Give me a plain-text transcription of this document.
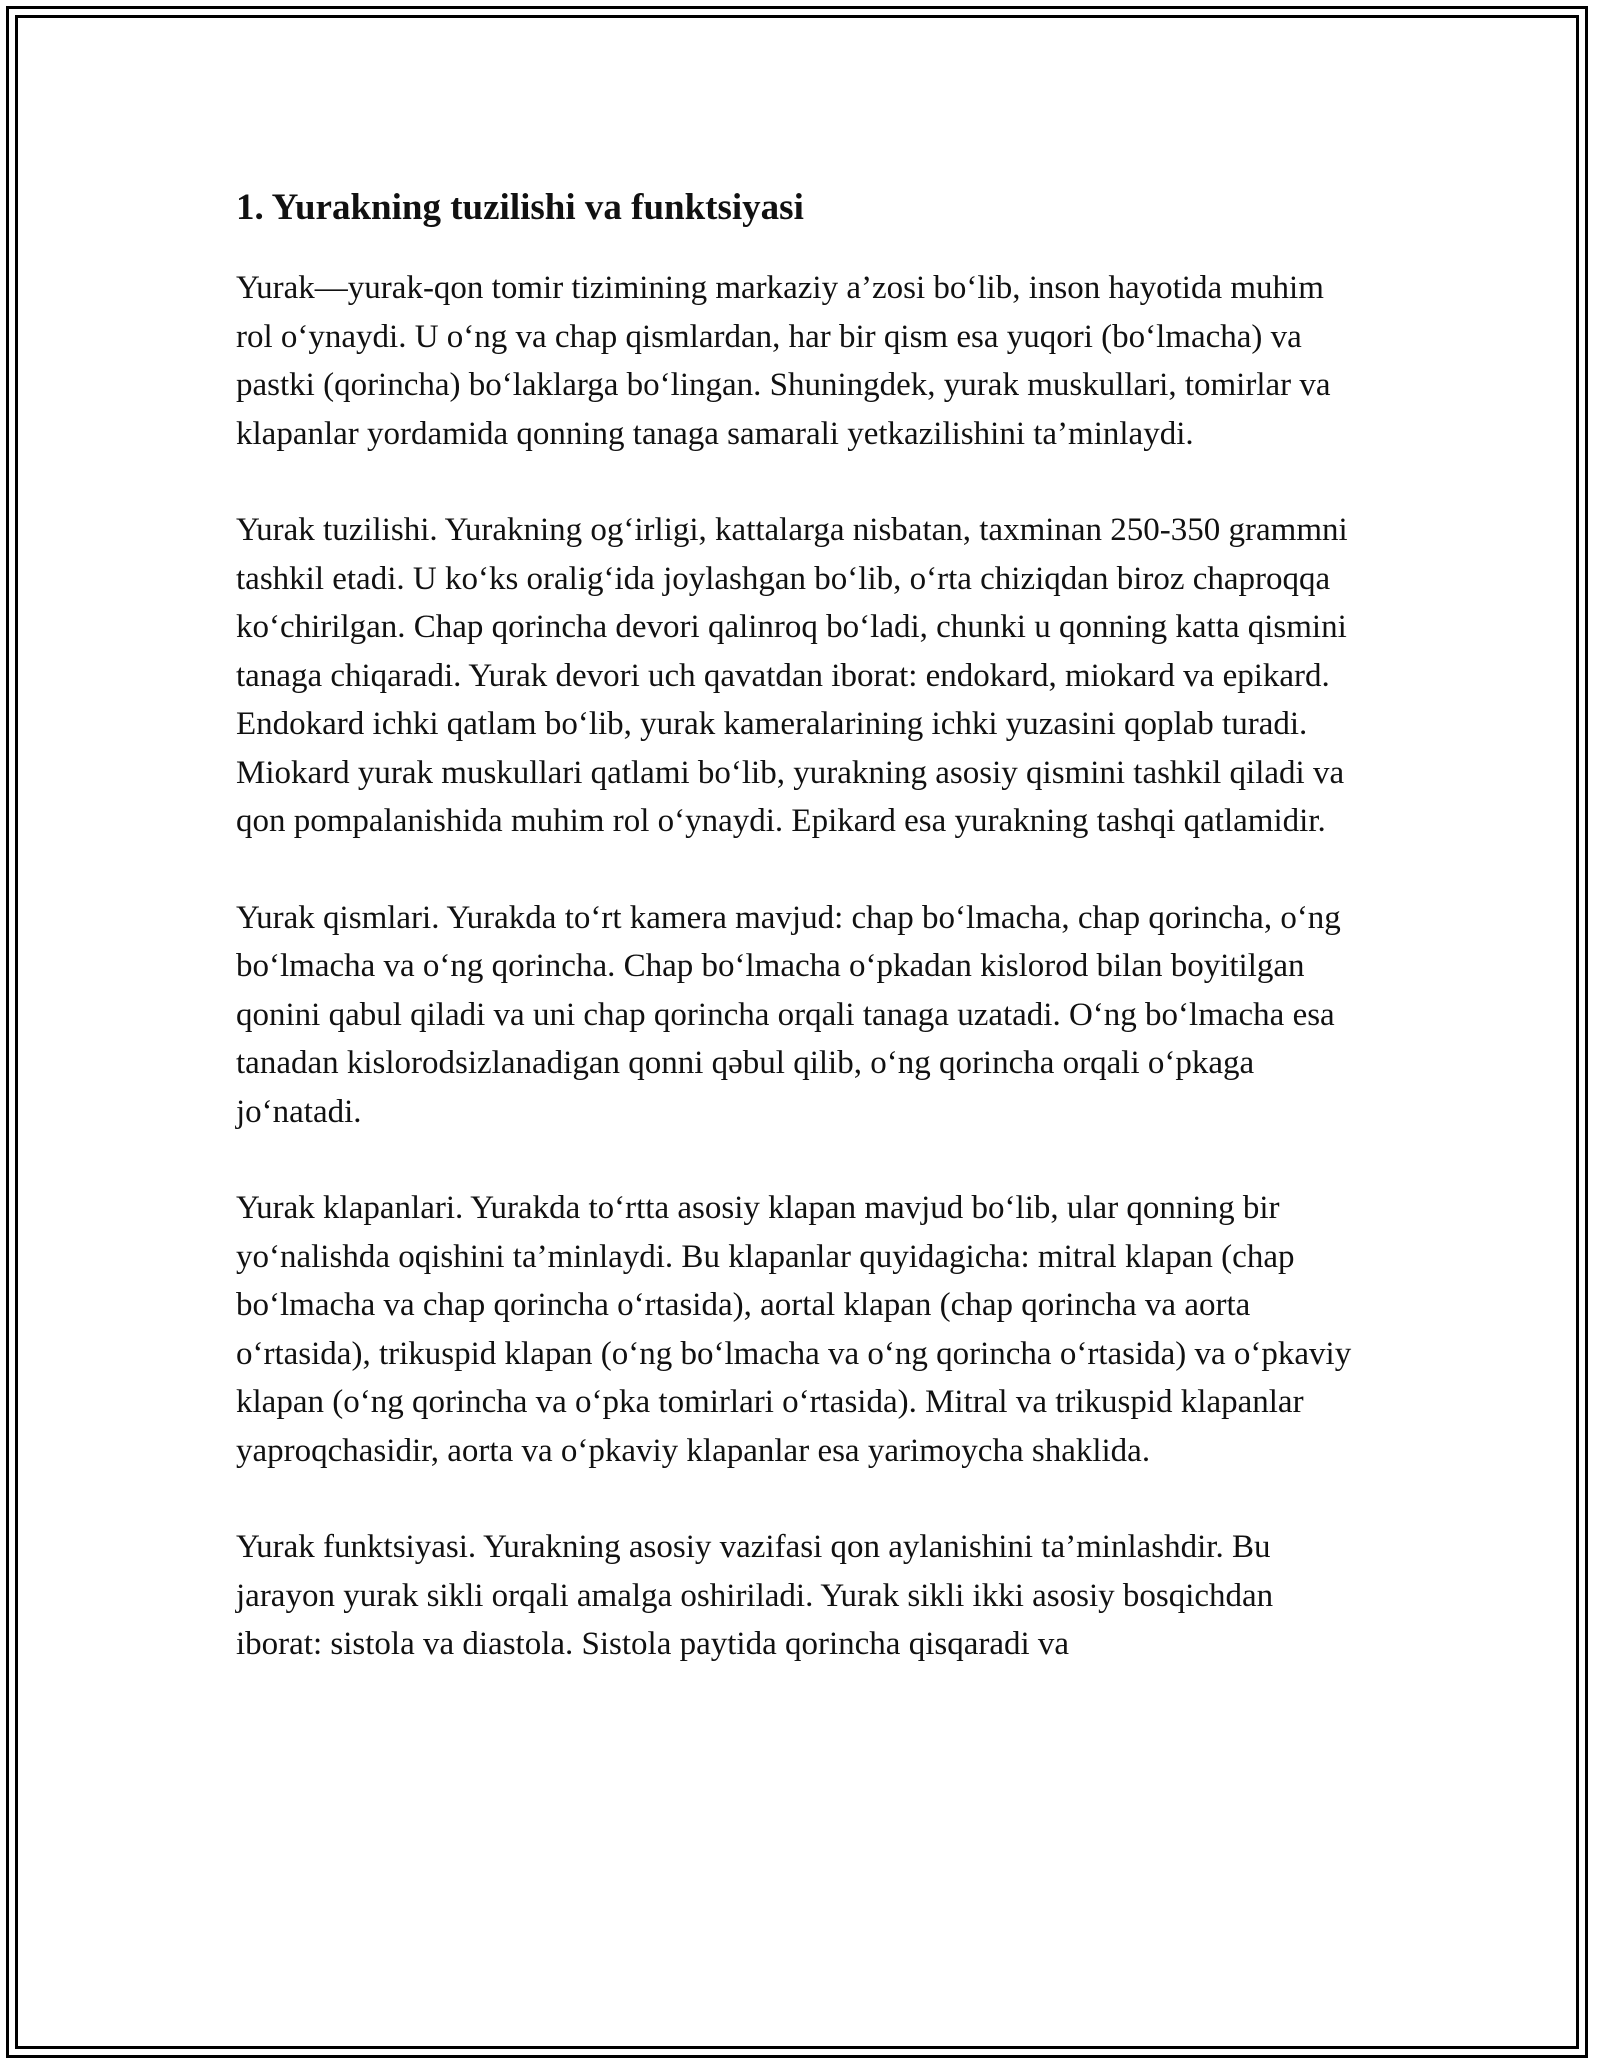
1. Yurakning tuzilishi va funktsiyasi

Yurak—yurak-qon tomir tizimining markaziy a’zosi bo‘lib, inson hayotida muhim rol o‘ynaydi. U o‘ng va chap qismlardan, har bir qism esa yuqori (bo‘lmacha) va pastki (qorincha) bo‘laklarga bo‘lingan. Shuningdek, yurak muskullari, tomirlar va klapanlar yordamida qonning tanaga samarali yetkazilishini ta’minlaydi.

Yurak tuzilishi. Yurakning og‘irligi, kattalarga nisbatan, taxminan 250-350 grammni tashkil etadi. U ko‘ks oralig‘ida joylashgan bo‘lib, o‘rta chiziqdan biroz chaproqqa ko‘chirilgan. Chap qorincha devori qalinroq bo‘ladi, chunki u qonning katta qismini tanaga chiqaradi. Yurak devori uch qavatdan iborat: endokard, miokard va epikard. Endokard ichki qatlam bo‘lib, yurak kameralarining ichki yuzasini qoplab turadi. Miokard yurak muskullari qatlami bo‘lib, yurakning asosiy qismini tashkil qiladi va qon pompalanishida muhim rol o‘ynaydi. Epikard esa yurakning tashqi qatlamidir.

Yurak qismlari. Yurakda to‘rt kamera mavjud: chap bo‘lmacha, chap qorincha, o‘ng bo‘lmacha va o‘ng qorincha. Chap bo‘lmacha o‘pkadan kislorod bilan boyitilgan qonini qabul qiladi va uni chap qorincha orqali tanaga uzatadi. O‘ng bo‘lmacha esa tanadan kislorodsizlanadigan qonni qəbul qilib, o‘ng qorincha orqali o‘pkaga jo‘natadi.

Yurak klapanlari. Yurakda to‘rtta asosiy klapan mavjud bo‘lib, ular qonning bir yo‘nalishda oqishini ta’minlaydi. Bu klapanlar quyidagicha: mitral klapan (chap bo‘lmacha va chap qorincha o‘rtasida), aortal klapan (chap qorincha va aorta o‘rtasida), trikuspid klapan (o‘ng bo‘lmacha va o‘ng qorincha o‘rtasida) va o‘pkaviy klapan (o‘ng qorincha va o‘pka tomirlari o‘rtasida). Mitral va trikuspid klapanlar yaproqchasidir, aorta va o‘pkaviy klapanlar esa yarimoycha shaklida.

Yurak funktsiyasi. Yurakning asosiy vazifasi qon aylanishini ta’minlashdir. Bu jarayon yurak sikli orqali amalga oshiriladi. Yurak sikli ikki asosiy bosqichdan iborat: sistola va diastola. Sistola paytida qorincha qisqaradi va
